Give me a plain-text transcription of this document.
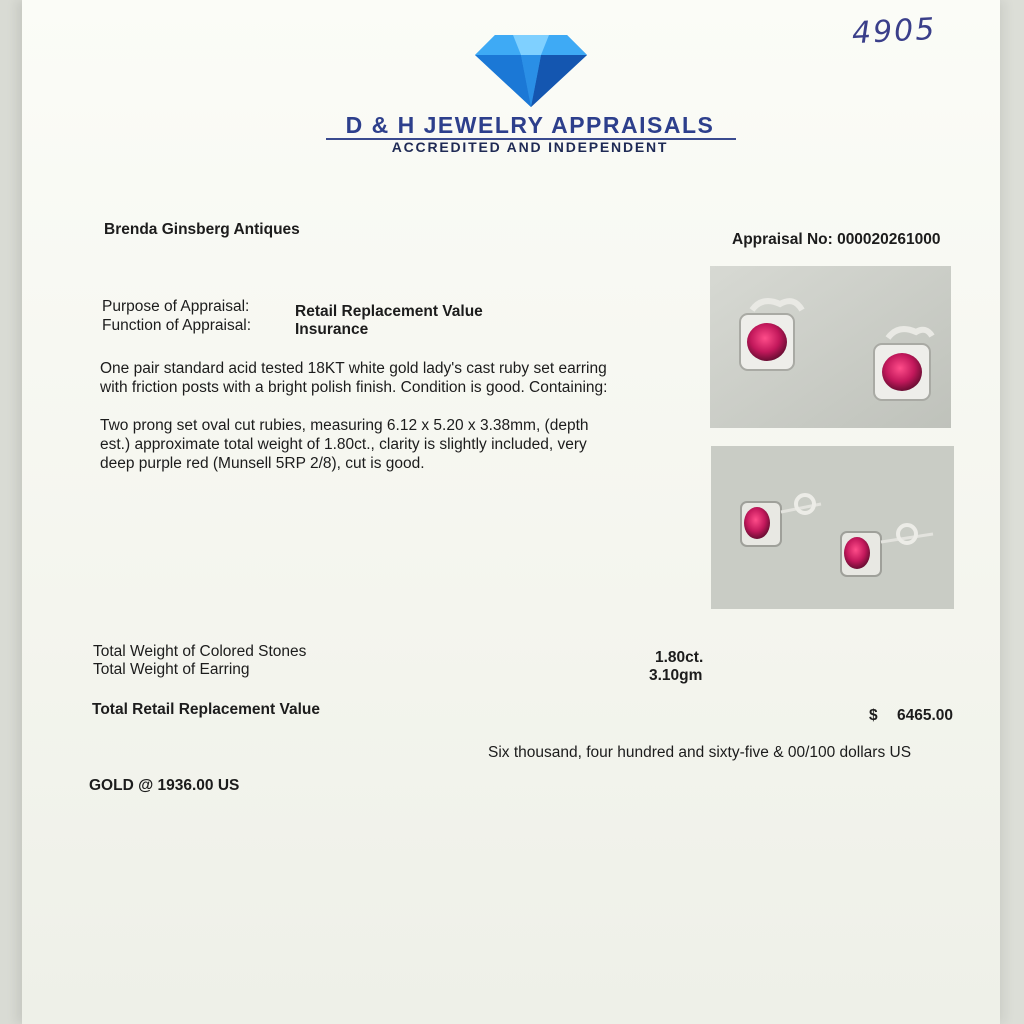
4905
D & H JEWELRY APPRAISALS
ACCREDITED AND INDEPENDENT
Brenda Ginsberg Antiques
Appraisal No: 000020261000
Purpose of Appraisal:	Retail Replacement Value
Function of Appraisal:	Insurance
One pair standard acid tested 18KT white gold lady's cast ruby set earring
with friction posts with a bright polish finish. Condition is good. Containing:
Two prong set oval cut rubies, measuring 6.12 x 5.20 x 3.38mm, (depth
est.) approximate total weight of 1.80ct., clarity is slightly included, very
deep purple red (Munsell 5RP 2/8), cut is good.

Total Weight of Colored Stones	1.80ct.
Total Weight of Earring	3.10gm
Total Retail Replacement Value	$ 6465.00
Six thousand, four hundred and sixty-five & 00/100 dollars US
GOLD @ 1936.00 US
